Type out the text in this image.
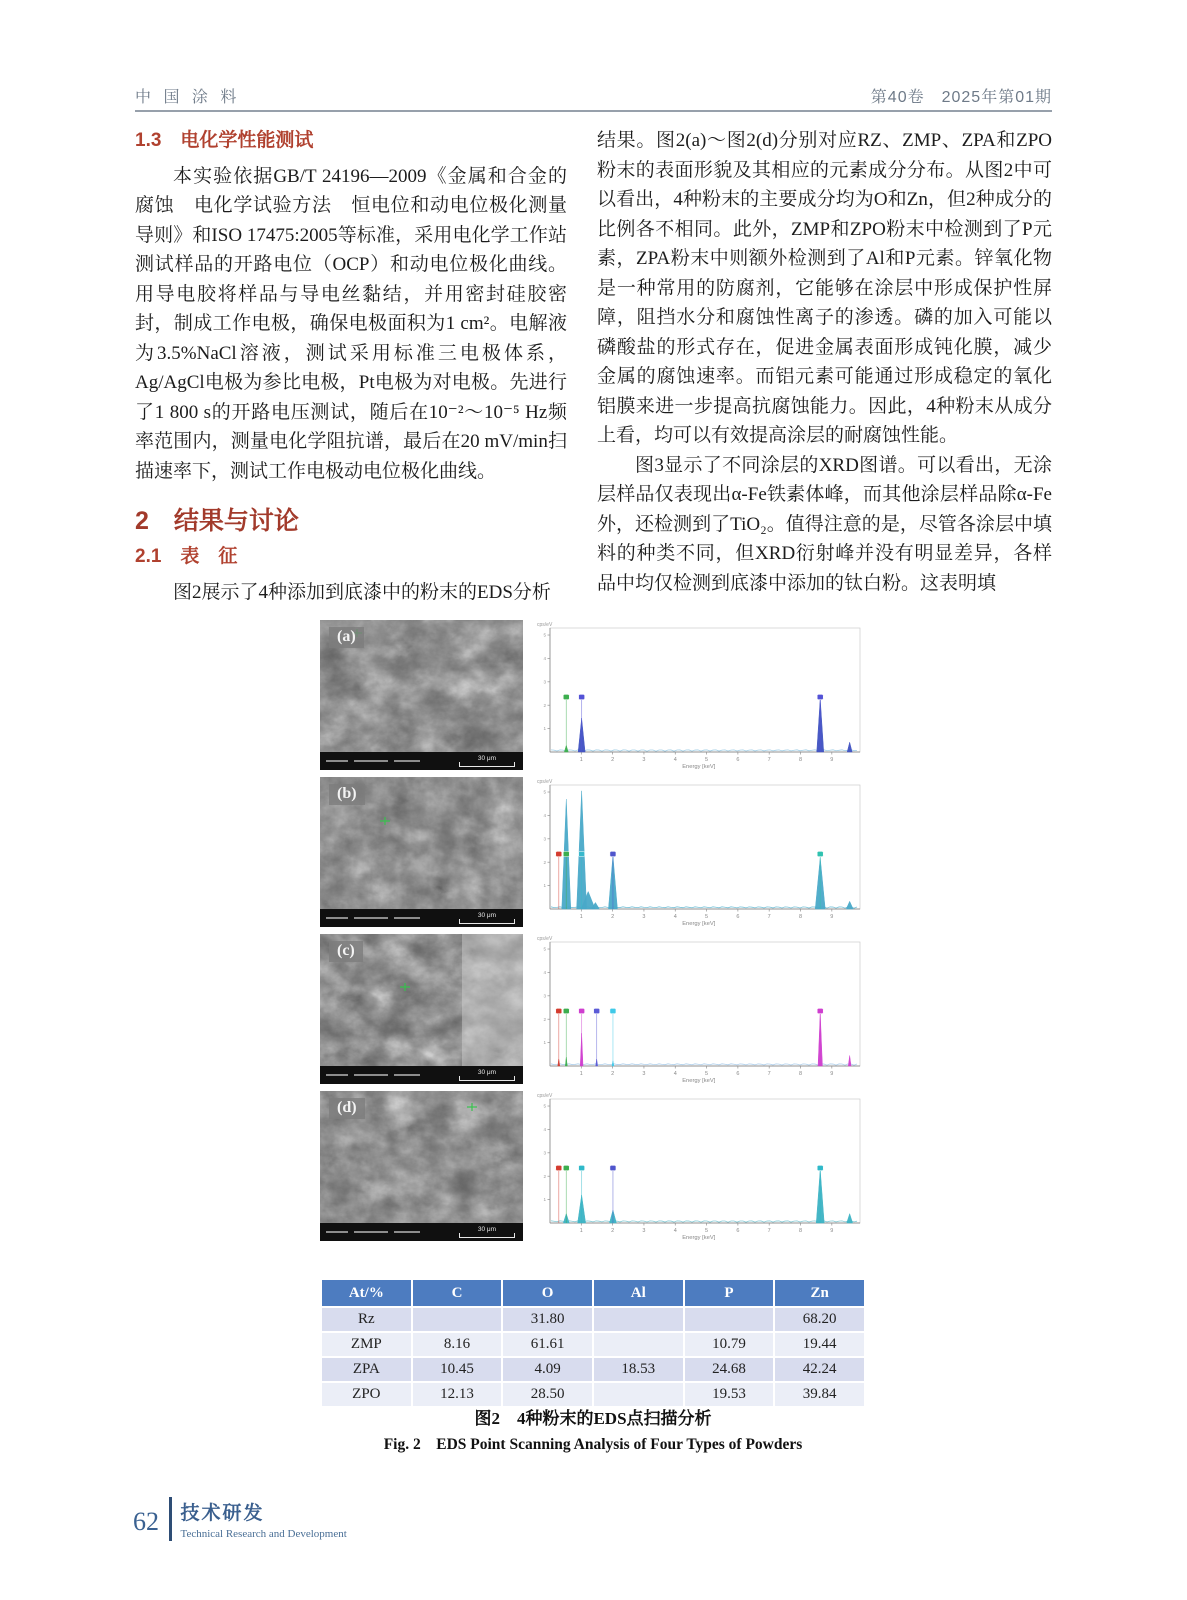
中 国 涂 料	第40卷　2025年第01期
1.3　电化学性能测试

本实验依据GB/T 24196—2009《金属和合金的腐蚀　电化学试验方法　恒电位和动电位极化测量导则》和ISO 17475:2005等标准，采用电化学工作站测试样品的开路电位（OCP）和动电位极化曲线。用导电胶将样品与导电丝黏结，并用密封硅胶密封，制成工作电极，确保电极面积为1 cm²。电解液为3.5%NaCl溶液，测试采用标准三电极体系，Ag/AgCl电极为参比电极，Pt电极为对电极。先进行了1 800 s的开路电压测试，随后在10⁻²～10⁻⁵ Hz频率范围内，测量电化学阻抗谱，最后在20 mV/min扫描速率下，测试工作电极动电位极化曲线。

2　结果与讨论
2.1　表　征

图2展示了4种添加到底漆中的粉末的EDS分析

结果。图2(a)～图2(d)分别对应RZ、ZMP、ZPA和ZPO粉末的表面形貌及其相应的元素成分分布。从图2中可以看出，4种粉末的主要成分均为O和Zn，但2种成分的比例各不相同。此外，ZMP和ZPO粉末中检测到了P元素，ZPA粉末中则额外检测到了Al和P元素。锌氧化物是一种常用的防腐剂，它能够在涂层中形成保护性屏障，阻挡水分和腐蚀性离子的渗透。磷的加入可能以磷酸盐的形式存在，促进金属表面形成钝化膜，减少金属的腐蚀速率。而铝元素可能通过形成稳定的氧化铝膜来进一步提高抗腐蚀能力。因此，4种粉末从成分上看，均可以有效提高涂层的耐腐蚀性能。

图3显示了不同涂层的XRD图谱。可以看出，无涂层样品仅表现出α-Fe铁素体峰，而其他涂层样品除α-Fe外，还检测到了TiO₂。值得注意的是，尽管各涂层中填料的种类不同，但XRD衍射峰并没有明显差异，各样品中均仅检测到底漆中添加的钛白粉。这表明填

(a)
30 μm
cps/eV
1
2
3
4
5
1	2	3	4	5	6	7	8	9
Energy [keV]
(b)
30 μm
cps/eV
1
2
3
4
5
1	2	3	4	5	6	7	8	9
Energy [keV]
(c)
30 μm
cps/eV
1
2
3
4
5
1	2	3	4	5	6	7	8	9
Energy [keV]
(d)
30 μm
cps/eV
1
2
3
4
5
1	2	3	4	5	6	7	8	9
Energy [keV]
At/%	C	O	Al	P	Zn
Rz		31.80			68.20
ZMP	8.16	61.61		10.79	19.44
ZPA	10.45	4.09	18.53	24.68	42.24
ZPO	12.13	28.50		19.53	39.84
图2　4种粉末的EDS点扫描分析
Fig. 2　EDS Point Scanning Analysis of Four Types of Powders
62 技术研发
Technical Research and Development
